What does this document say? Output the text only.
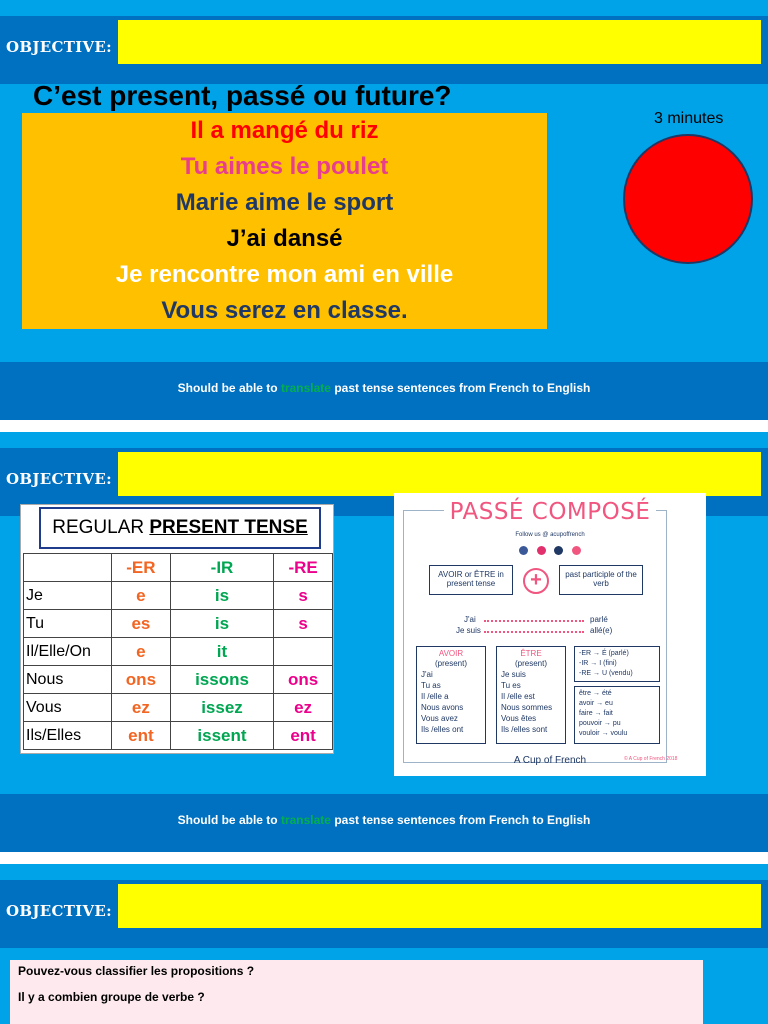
OBJECTIVE:
C’est present, passé ou future?
Il a mangé du riz
Tu aimes le poulet
Marie aime le sport
J’ai dansé
Je rencontre mon ami en ville
Vous serez en classe.
3 minutes
Should be able to translate past tense sentences from French to English
OBJECTIVE:
REGULAR PRESENT TENSE
	-ER	-IR	-RE
Je	e	is	s
Tu	es	is	s
Il/Elle/On	e	it	
Nous	ons	issons	ons
Vous	ez	issez	ez
Ils/Elles	ent	issent	ent
PASSÉ COMPOSÉ
Follow us @ acupoffrench

AVOIR or ÊTRE in present tense	+	past participle of the verb
J'ai	parlé
Je suis	allé(e)
AVOIR
(present)
J'ai
Tu as
Il /elle a
Nous avons
Vous avez
Ils /elles ont
ÊTRE
(present)
Je suis
Tu es
Il /elle est
Nous sommes
Vous êtes
Ils /elles sont
-ER → É (parlé)
-IR → I (fini)
-RE → U (vendu)
être → été
avoir → eu
faire → fait
pouvoir → pu
vouloir → voulu
A Cup of French	© A Cup of French 2018
Should be able to translate past tense sentences from French to English
OBJECTIVE:
Pouvez-vous classifier les propositions ?
Il y a combien groupe de verbe ?
